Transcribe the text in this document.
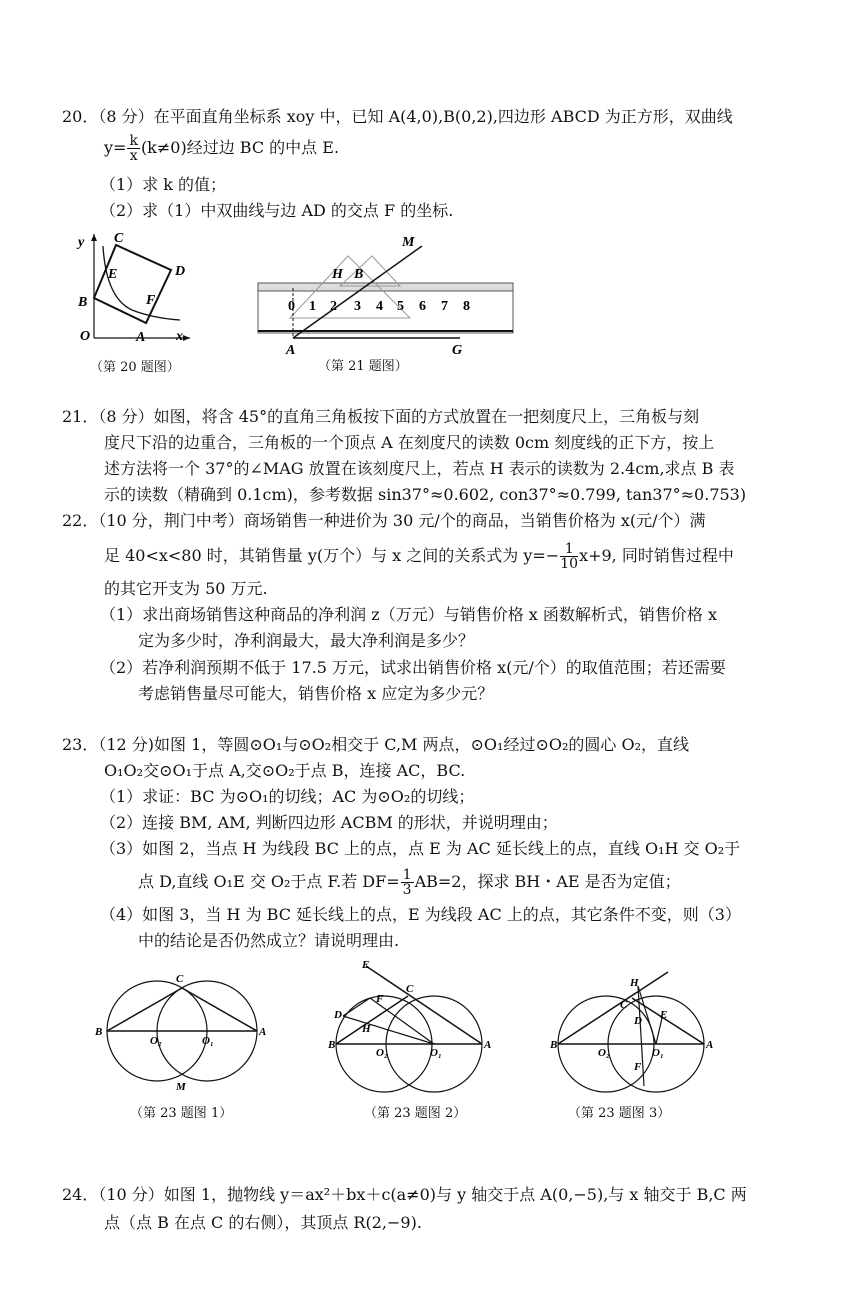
20．（8 分）在平面直角坐标系 xoy 中，已知 A(4,0),B(0,2),四边形 ABCD 为正方形，双曲线
$y= \frac{k}{x} (k\ne 0)$经过边 BC 的中点 E.
（1）求 k 的值；
（2）求（1）中双曲线与边 AD 的交点 F 的坐标.
y C
E	D
B	F
O	A x
（第 20 题图）
M
H B
0 1 2 3 4 5 6 7 8
A	G
（第 21 题图）
21．（8 分）如图，将含 45°的直角三角板按下面的方式放置在一把刻度尺上，三角板与刻
度尺下沿的边重合，三角板的一个顶点 A 在刻度尺的读数 0cm 刻度线的正下方，按上
述方法将一个 37°的∠MAG 放置在该刻度尺上，若点 H 表示的读数为 2.4cm,求点 B 表
示的读数（精确到 0.1cm)，参考数据 sin37°≈0.602, con37°≈0.799, tan37°≈0.753)
22．（10 分，荆门中考）商场销售一种进价为 30 元/个的商品，当销售价格为 x(元/个）满
足 40<x<80 时，其销售量 y(万个）与 x 之间的关系式为 $y=- \frac{1}{10} x+9$, 同时销售过程中
的其它开支为 50 万元.
（1）求出商场销售这种商品的净利润 z（万元）与销售价格 x 函数解析式，销售价格 x
定为多少时，净利润最大，最大净利润是多少？
（2）若净利润预期不低于 17.5 万元，试求出销售价格 x(元/个）的取值范围；若还需要
考虑销售量尽可能大，销售价格 x 应定为多少元？
23．（12 分)如图 1，等圆⊙O₁与⊙O₂相交于 C,M 两点，⊙O₁经过⊙O₂的圆心 O₂，直线
O₁O₂交⊙O₁于点 A,交⊙O₂于点 B，连接 AC，BC.
（1）求证：BC 为⊙O₁的切线；AC 为⊙O₂的切线；
（2）连接 BM, AM, 判断四边形 ACBM 的形状，并说明理由；
（3）如图 2，当点 H 为线段 BC 上的点，点 E 为 AC 延长线上的点，直线 O₁H 交 O₂于
点 D,直线 O₁E 交 O₂于点 F.若 $DF= \frac{1}{3} AB=2$，探求 BH・AE 是否为定值；
（4）如图 3，当 H 为 BC 延长线上的点，E 为线段 AC 上的点，其它条件不变，则（3）
中的结论是否仍然成立？请说明理由.
C
B
O₂	O₁
A
M
（第 23 题图 1）
E
C
F
D
H
B
O₂	O₁
A
（第 23 题图 2）
H
C
E
D
B
O₂	O₁
A
F
（第 23 题图 3）
24．（10 分）如图 1，抛物线 y＝ax²＋bx＋c(a≠0)与 y 轴交于点 A(0,−5),与 x 轴交于 B,C 两
点（点 B 在点 C 的右侧），其顶点 R(2,−9).
